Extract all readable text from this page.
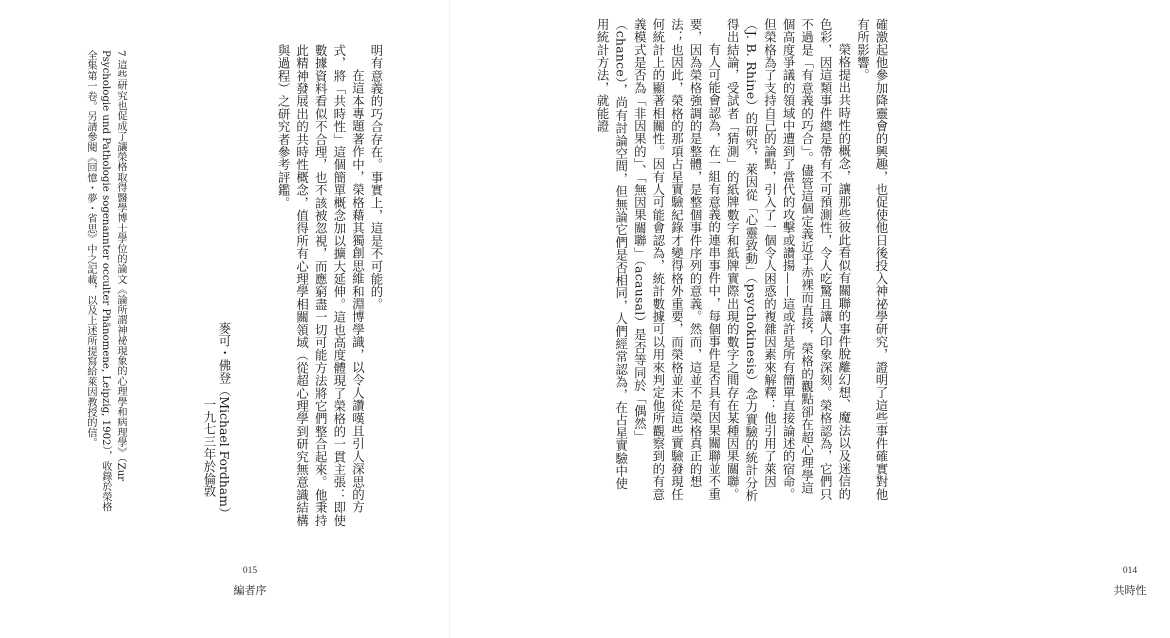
確激起他參加降靈會的興趣，也促使他日後投入神祕學研究，證明了這些事件確實對他有所影響。

榮格提出共時性的概念，讓那些彼此看似有關聯的事件脫離幻想、魔法以及迷信的色彩，因這類事件總是帶有不可預測性，令人吃驚且讓人印象深刻。榮格認為，它們只不過是「有意義的巧合」。儘管這個定義近乎赤裸而直接，榮格的觀點卻在超心理學這個高度爭議的領域中遭到了當代的攻擊或讚揚——這或許是所有簡單直接論述的宿命。但榮格為了支持自己的論點，引入了一個令人困惑的複雜因素來解釋：他引用了萊因（J. B. Rhine）的研究，萊因從「心靈致動」（psychokinesis）念力實驗的統計分析得出結論，受試者「猜測」的紙牌數字和紙牌實際出現的數字之間存在某種因果關聯。

有人可能會認為，在一組有意義的連串事件中，每個事件是否具有因果關聯並不重要，因為榮格強調的是整體，是整個事件序列的意義。然而，這並不是榮格真正的想法；也因此，榮格的那項占星實驗紀錄才變得格外重要，而榮格並未從這些實驗發現任何統計上的顯著相關性。因有人可能會認為，統計數據可以用來判定他所觀察到的有意義模式是否為「非因果的」、「無因果關聯」（acausal）是否等同於「偶然」（chance），尚有討論空間，但無論它們是否相同，人們經常認為，在占星實驗中使用統計方法，就能證

014
共時性

明有意義的巧合存在。事實上，這是不可能的。

在這本專題著作中，榮格藉其獨創思維和淵博學識，以令人讚嘆且引人深思的方式，將「共時性」這個簡單概念加以擴大延伸。這也高度體現了榮格的一貫主張：即使數據資料看似不合理，也不該被忽視，而應窮盡一切可能方法將它們整合起來。他秉持此精神發展出的共時性概念，值得所有心理學相關領域（從超心理學到研究無意識結構與過程）之研究者參考評鑑。

麥可・佛登（Michael Fordham）
一九七三年於倫敦
7 這些研究也促成了讓榮格取得醫學博士學位的論文《論所謂神祕現象的心理學和病理學》（Zur Psychologie und Pathologie sogenannter occulter Phänomene, Leipzig, 1902），收錄於榮格全集第一卷。另請參閱《回憶・夢・省思》中之記載，以及上述所提寫給萊因教授的信。
015
編者序
